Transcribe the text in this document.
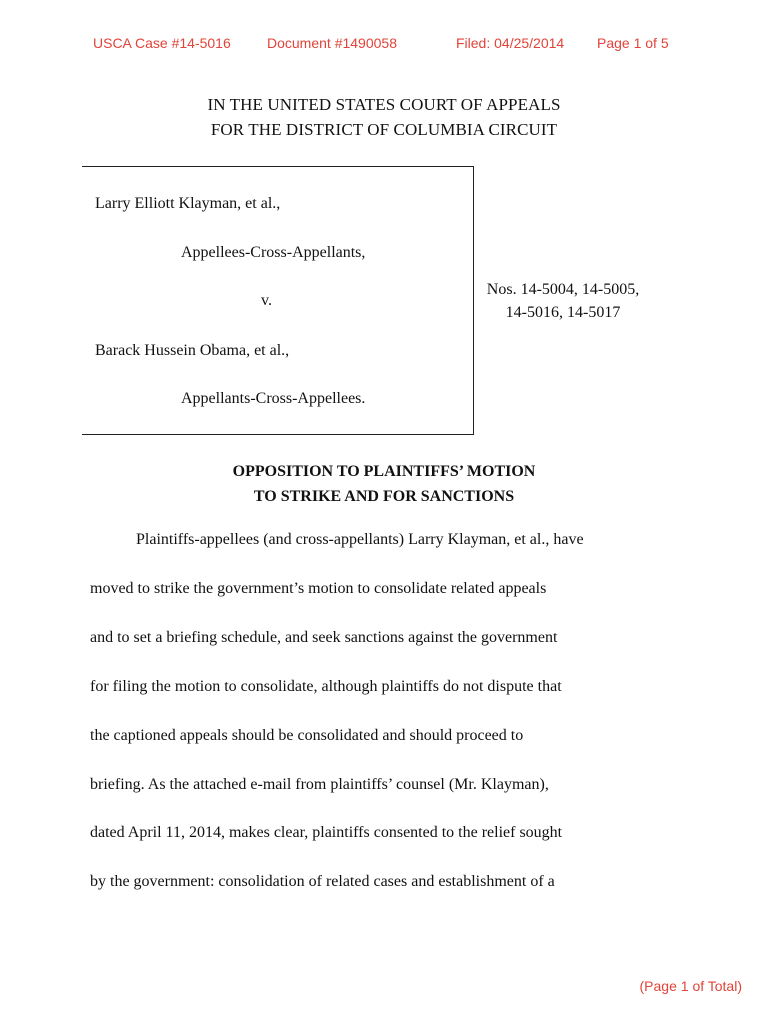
USCA Case #14-5016	Document #1490058	Filed: 04/25/2014 Page 1 of 5
IN THE UNITED STATES COURT OF APPEALS
FOR THE DISTRICT OF COLUMBIA CIRCUIT
Larry Elliott Klayman, et al.,
Appellees-Cross-Appellants,
v.
Barack Hussein Obama, et al.,
Appellants-Cross-Appellees.
Nos. 14-5004, 14-5005,
14-5016, 14-5017
OPPOSITION TO PLAINTIFFS’ MOTION
TO STRIKE AND FOR SANCTIONS
Plaintiffs-appellees (and cross-appellants) Larry Klayman, et al., have
moved to strike the government’s motion to consolidate related appeals
and to set a briefing schedule, and seek sanctions against the government
for filing the motion to consolidate, although plaintiffs do not dispute that
the captioned appeals should be consolidated and should proceed to
briefing. As the attached e-mail from plaintiffs’ counsel (Mr. Klayman),
dated April 11, 2014, makes clear, plaintiffs consented to the relief sought
by the government: consolidation of related cases and establishment of a
(Page 1 of Total)
